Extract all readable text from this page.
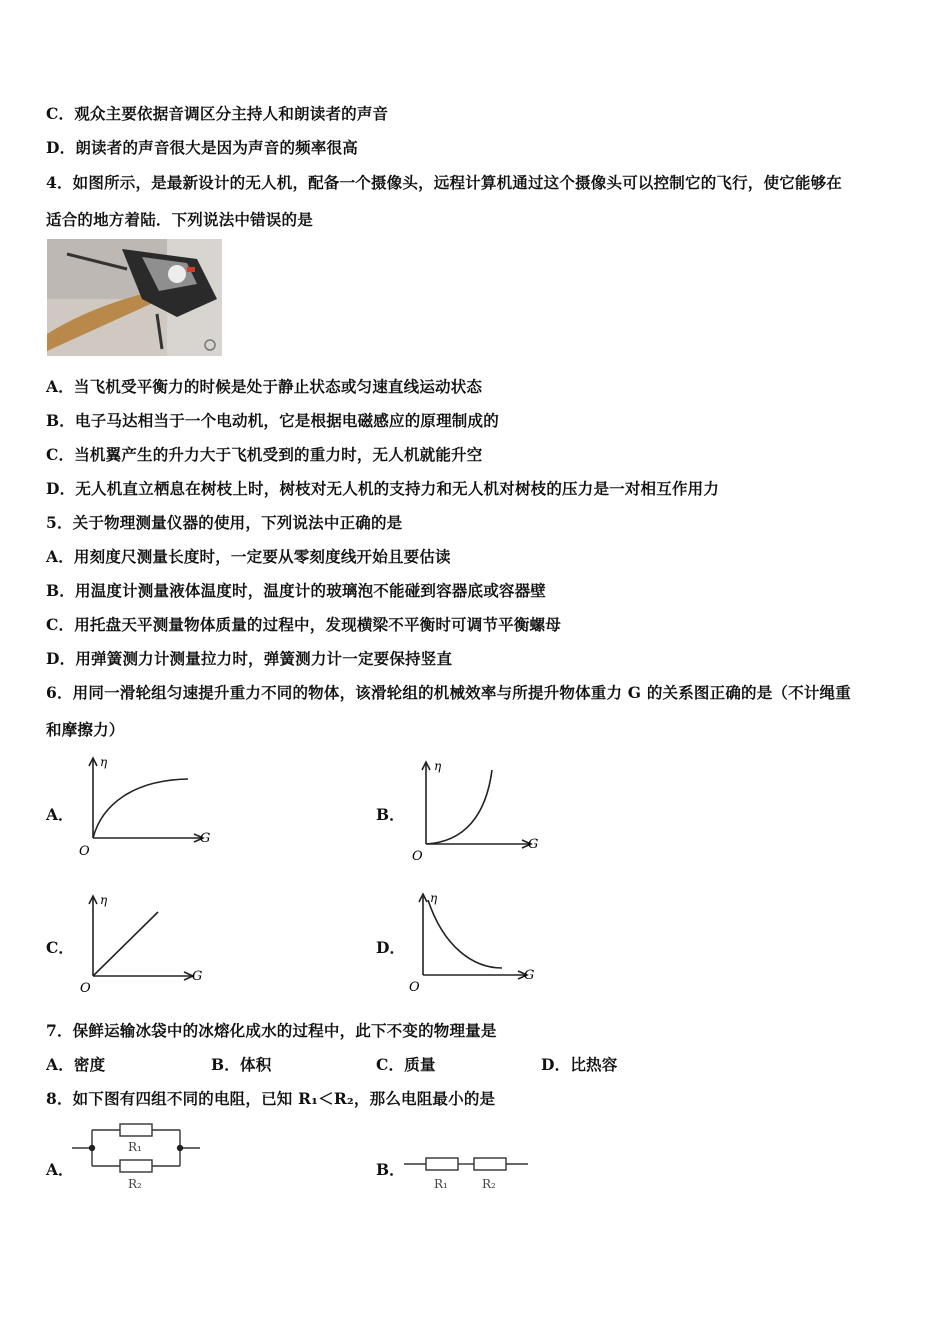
C．观众主要依据音调区分主持人和朗读者的声音
D．朗读者的声音很大是因为声音的频率很高
4．如图所示，是最新设计的无人机，配备一个摄像头，远程计算机通过这个摄像头可以控制它的飞行，使它能够在
适合的地方着陆．下列说法中错误的是
A．当飞机受平衡力的时候是处于静止状态或匀速直线运动状态
B．电子马达相当于一个电动机，它是根据电磁感应的原理制成的
C．当机翼产生的升力大于飞机受到的重力时，无人机就能升空
D．无人机直立栖息在树枝上时，树枝对无人机的支持力和无人机对树枝的压力是一对相互作用力
5．关于物理测量仪器的使用，下列说法中正确的是
A．用刻度尺测量长度时，一定要从零刻度线开始且要估读
B．用温度计测量液体温度时，温度计的玻璃泡不能碰到容器底或容器壁
C．用托盘天平测量物体质量的过程中，发现横梁不平衡时可调节平衡螺母
D．用弹簧测力计测量拉力时，弹簧测力计一定要保持竖直
6．用同一滑轮组匀速提升重力不同的物体，该滑轮组的机械效率与所提升物体重力 G 的关系图正确的是（不计绳重
和摩擦力）
A．	B．
C．	D．
η
G
O
η
G
O
η
G
O
η
G
O
7．保鲜运输冰袋中的冰熔化成水的过程中，此下不变的物理量是
A．密度	B．体积	C．质量	D．比热容
8．如下图有四组不同的电阻，已知 R₁＜R₂，那么电阻最小的是
A．	B．
R₁
R₂	R₁	R₂
